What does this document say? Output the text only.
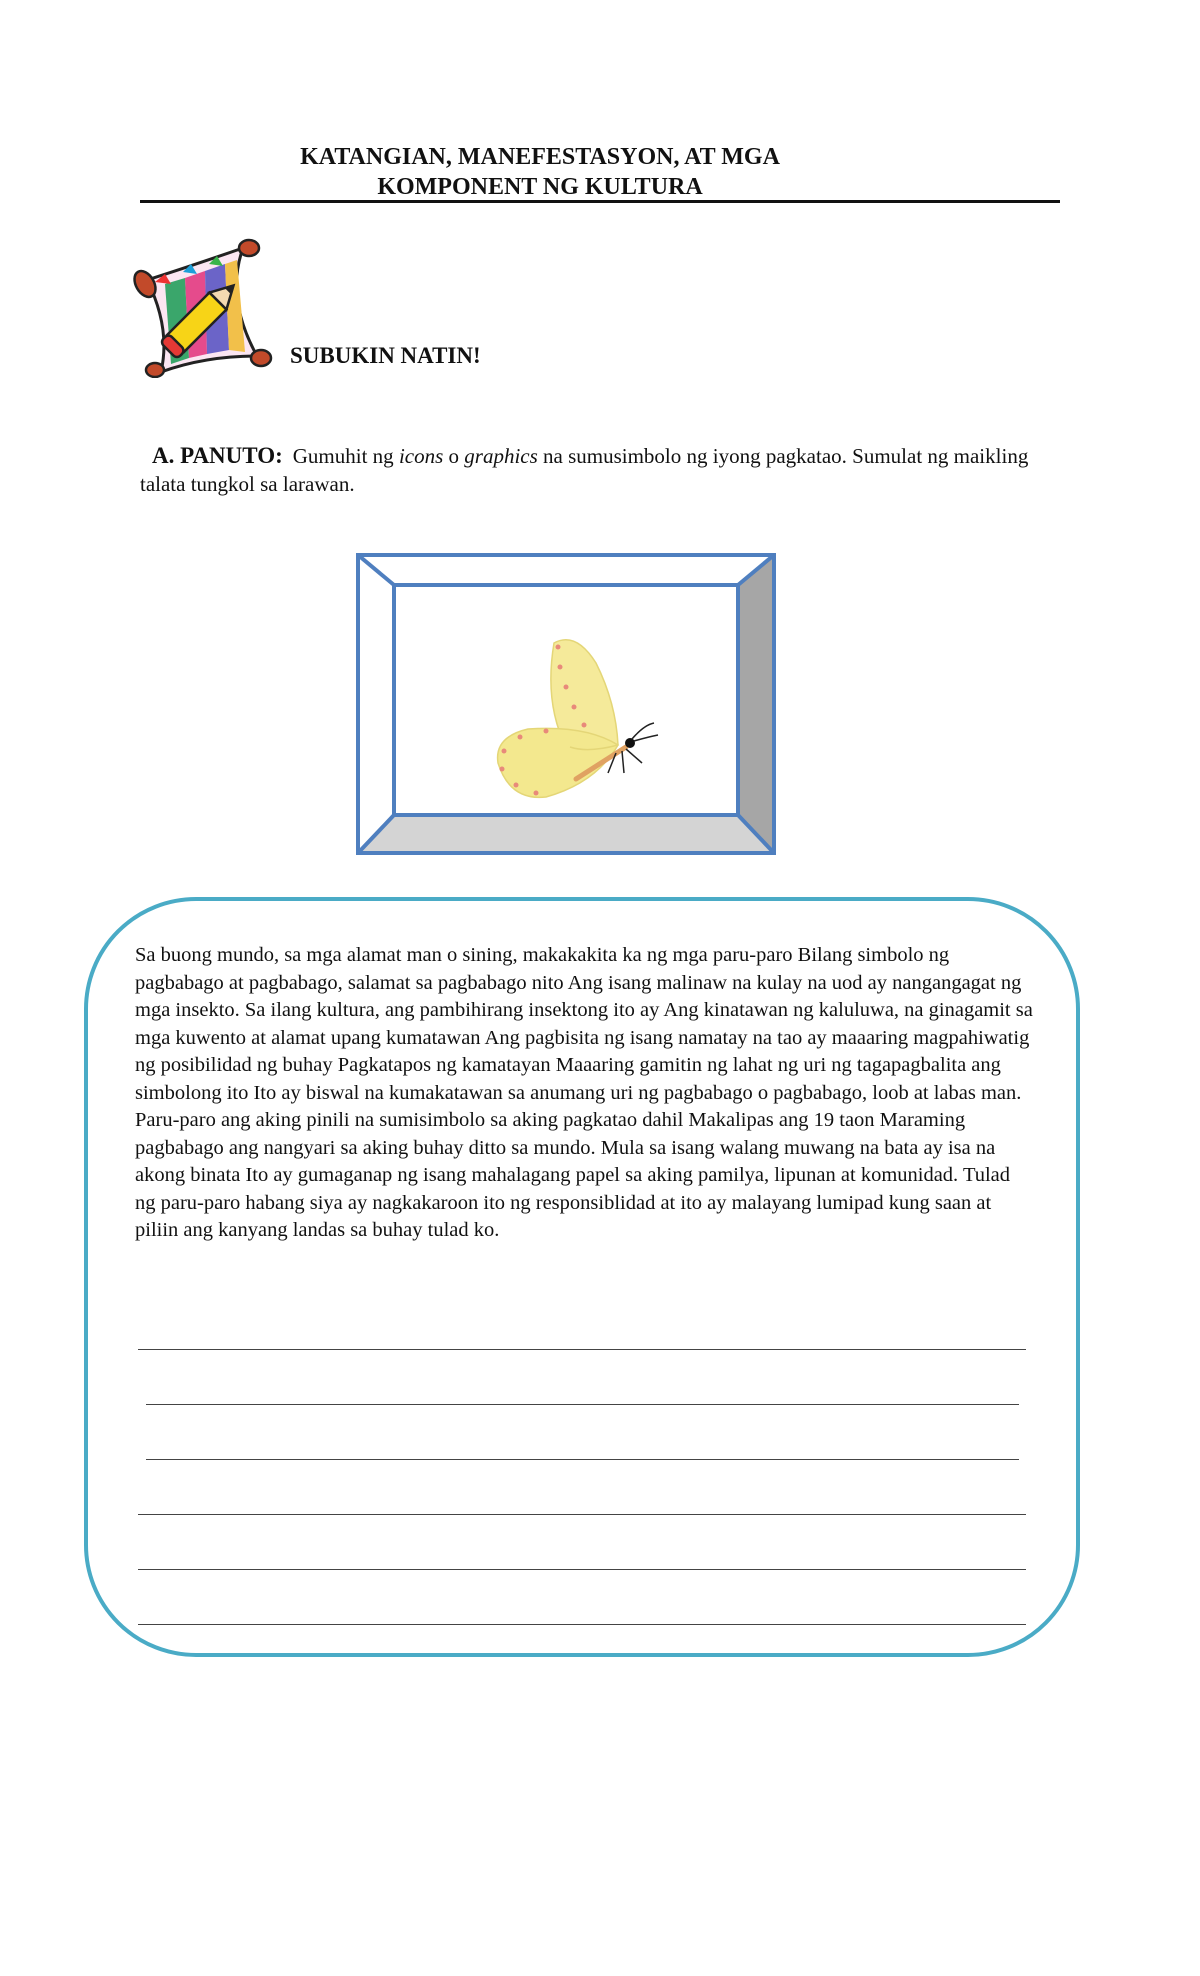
KATANGIAN, MANEFESTASYON, AT MGA
KOMPONENT NG KULTURA
SUBUKIN NATIN!
A. PANUTO: Gumuhit ng icons o graphics na sumusimbolo ng iyong pagkatao. Sumulat ng maikling talata tungkol sa larawan.
Sa buong mundo, sa mga alamat man o sining, makakakita ka ng mga paru-paro Bilang simbolo ng pagbabago at pagbabago, salamat sa pagbabago nito Ang isang malinaw na kulay na uod ay nangangagat ng mga insekto. Sa ilang kultura, ang pambihirang insektong ito ay Ang kinatawan ng kaluluwa, na ginagamit sa mga kuwento at alamat upang kumatawan Ang pagbisita ng isang namatay na tao ay maaaring magpahiwatig ng posibilidad ng buhay Pagkatapos ng kamatayan Maaaring gamitin ng lahat ng uri ng tagapagbalita ang simbolong ito Ito ay biswal na kumakatawan sa anumang uri ng pagbabago o pagbabago, loob at labas man. Paru-paro ang aking pinili na sumisimbolo sa aking pagkatao dahil Makalipas ang 19 taon Maraming pagbabago ang nangyari sa aking buhay ditto sa mundo. Mula sa isang walang muwang na bata ay isa na akong binata Ito ay gumaganap ng isang mahalagang papel sa aking pamilya, lipunan at komunidad. Tulad ng paru-paro habang siya ay nagkakaroon ito ng responsiblidad at ito ay malayang lumipad kung saan at piliin ang kanyang landas sa buhay tulad ko.
